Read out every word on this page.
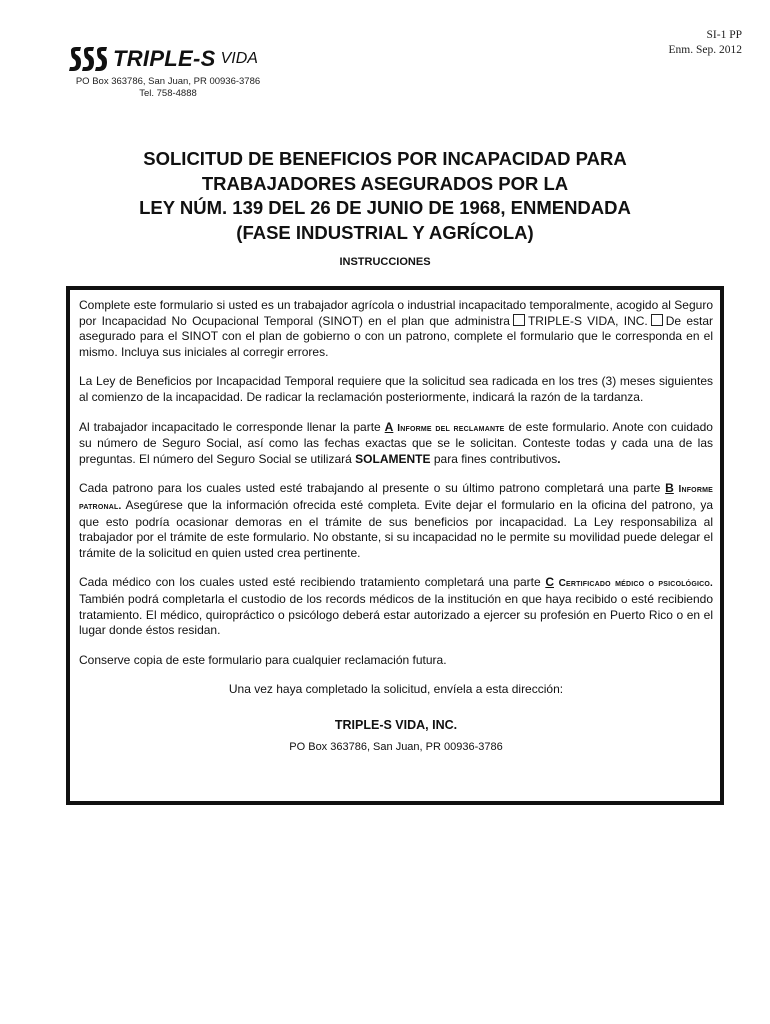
SI-1 PP
Enm. Sep. 2012
TRIPLE-S VIDA
PO Box 363786, San Juan, PR 00936-3786
Tel. 758-4888
SOLICITUD DE BENEFICIOS POR INCAPACIDAD PARA
TRABAJADORES ASEGURADOS POR LA
LEY NÚM. 139 DEL 26 DE JUNIO DE 1968, ENMENDADA
(FASE INDUSTRIAL Y AGRÍCOLA)
INSTRUCCIONES

Complete este formulario si usted es un trabajador agrícola o industrial incapacitado temporalmente, acogido al Seguro por Incapacidad No Ocupacional Temporal (SINOT) en el plan que administra TRIPLE-S VIDA, INC. De estar asegurado para el SINOT con el plan de gobierno o con un patrono, complete el formulario que le corresponda en el mismo. Incluya sus iniciales al corregir errores.

La Ley de Beneficios por Incapacidad Temporal requiere que la solicitud sea radicada en los tres (3) meses siguientes al comienzo de la incapacidad. De radicar la reclamación posteriormente, indicará la razón de la tardanza.

Al trabajador incapacitado le corresponde llenar la parte A Informe del reclamante de este formulario. Anote con cuidado su número de Seguro Social, así como las fechas exactas que se le solicitan. Conteste todas y cada una de las preguntas. El número del Seguro Social se utilizará SOLAMENTE para fines contributivos.

Cada patrono para los cuales usted esté trabajando al presente o su último patrono completará una parte B Informe patronal. Asegúrese que la información ofrecida esté completa. Evite dejar el formulario en la oficina del patrono, ya que esto podría ocasionar demoras en el trámite de sus beneficios por incapacidad. La Ley responsabiliza al trabajador por el trámite de este formulario. No obstante, si su incapacidad no le permite su movilidad puede delegar el trámite de la solicitud en quien usted crea pertinente.

Cada médico con los cuales usted esté recibiendo tratamiento completará una parte C Certificado médico o psicológico. También podrá completarla el custodio de los records médicos de la institución en que haya recibido o esté recibiendo tratamiento. El médico, quiropráctico o psicólogo deberá estar autorizado a ejercer su profesión en Puerto Rico o en el lugar donde éstos residan.

Conserve copia de este formulario para cualquier reclamación futura.

Una vez haya completado la solicitud, envíela a esta dirección:
TRIPLE-S VIDA, INC.
PO Box 363786, San Juan, PR 00936-3786
